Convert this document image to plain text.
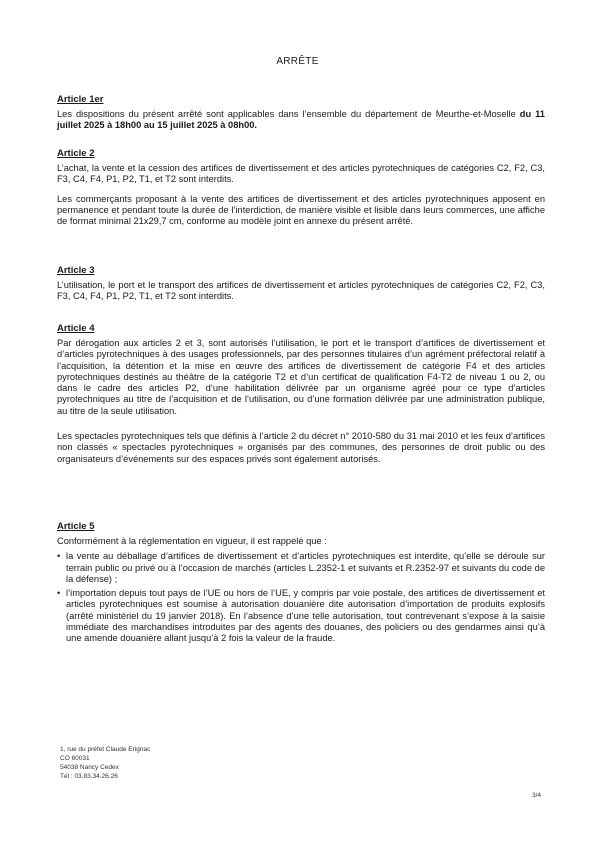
ARRÊTE
Article 1er

Les dispositions du présent arrêté sont applicables dans l’ensemble du département de Meurthe-et-Moselle du 11 juillet 2025 à 18h00 au 15 juillet 2025 à 08h00.

Article 2

L’achat, la vente et la cession des artifices de divertissement et des articles pyrotechniques de catégories C2, F2, C3, F3, C4, F4, P1, P2, T1, et T2 sont interdits.

Les commerçants proposant à la vente des artifices de divertissement et des articles pyrotechniques apposent en permanence et pendant toute la durée de l’interdiction, de manière visible et lisible dans leurs commerces, une affiche de format minimal 21x29,7 cm, conforme au modèle joint en annexe du présent arrêté.

Article 3

L’utilisation, le port et le transport des artifices de divertissement et articles pyrotechniques de catégories C2, F2, C3, F3, C4, F4, P1, P2, T1, et T2 sont interdits.

Article 4

Par dérogation aux articles 2 et 3, sont autorisés l’utilisation, le port et le transport d’artifices de divertissement et d’articles pyrotechniques à des usages professionnels, par des personnes titulaires d’un agrément préfectoral relatif à l’acquisition, la détention et la mise en œuvre des artifices de divertissement de catégorie F4 et des articles pyrotechniques destinés au théâtre de la catégorie T2 et d’un certificat de qualification F4-T2 de niveau 1 ou 2, ou dans le cadre des articles P2, d’une habilitation délivrée par un organisme agréé pour ce type d’articles pyrotechniques au titre de l’acquisition et de l’utilisation, ou d’une formation délivrée par une administration publique, au titre de la seule utilisation.

Les spectacles pyrotechniques tels que définis à l’article 2 du décret n° 2010-580 du 31 mai 2010 et les feux d’artifices non classés « spectacles pyrotechniques » organisés par des communes, des personnes de droit public ou des organisateurs d’événements sur des espaces privés sont également autorisés.

Article 5

Conformément à la réglementation en vigueur, il est rappelé que :

• la vente au déballage d’artifices de divertissement et d’articles pyrotechniques est interdite, qu’elle se déroule sur terrain public ou privé ou à l’occasion de marchés (articles L.2352-1 et suivants et R.2352-97 et suivants du code de la défense) ;
• l’importation depuis tout pays de l’UE ou hors de l’UE, y compris par voie postale, des artifices de divertissement et articles pyrotechniques est soumise à autorisation douanière dite autorisation d’importation de produits explosifs (arrêté ministériel du 19 janvier 2018). En l’absence d’une telle autorisation, tout contrevenant s’expose à la saisie immédiate des marchandises introduites par des agents des douanes, des policiers ou des gendarmes ainsi qu’à une amende douanière allant jusqu’à 2 fois la valeur de la fraude.
1, rue du préfet Claude Erignac
CO 60031
54038 Nancy Cedex
Tél : 03.83.34.26.26
3/4
